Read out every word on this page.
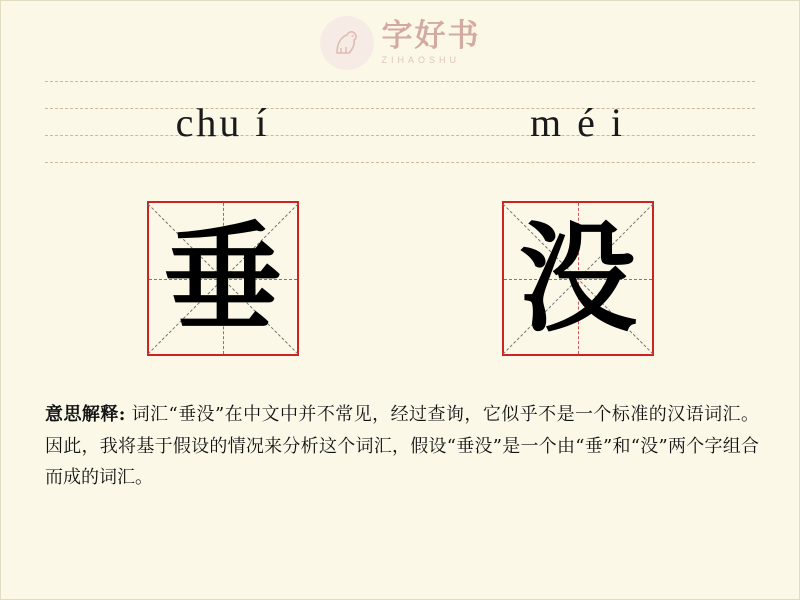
字好书
ZIHAOSHU
chu í	m é i
垂 没
意思解释: 词汇“垂没”在中文中并不常见，经过查询，它似乎不是一个标准的汉语词汇。因此，我将基于假设的情况来分析这个词汇，假设“垂没”是一个由“垂”和“没”两个字组合而成的词汇。
